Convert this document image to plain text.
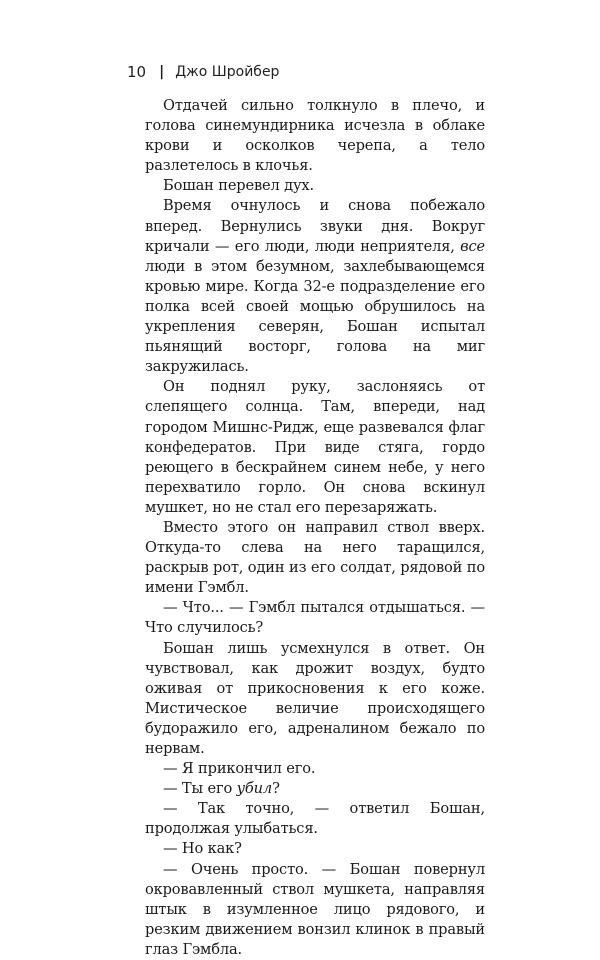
10 | Джо Шройбер

Отдачей сильно толкнуло в плечо, и голова синемундирника исчезла в облаке крови и осколков черепа, а тело разлетелось в клочья.

Бошан перевел дух.

Время очнулось и снова побежало вперед. Вернулись звуки дня. Вокруг кричали — его люди, люди неприятеля, все люди в этом безумном, захлебывающемся кровью мире. Когда 32-е подразделение его полка всей своей мощью обрушилось на укрепления северян, Бошан испытал пьянящий восторг, голова на миг закружилась.

Он поднял руку, заслоняясь от слепящего солнца. Там, впереди, над городом Мишнс-Ридж, еще развевался флаг конфедератов. При виде стяга, гордо реющего в бескрайнем синем небе, у него перехватило горло. Он снова вскинул мушкет, но не стал его перезаряжать.

Вместо этого он направил ствол вверх. Откуда-то слева на него таращился, раскрыв рот, один из его солдат, рядовой по имени Гэмбл.

— Что... — Гэмбл пытался отдышаться. — Что случилось?

Бошан лишь усмехнулся в ответ. Он чувствовал, как дрожит воздух, будто оживая от прикосновения к его коже. Мистическое величие происходящего будоражило его, адреналином бежало по нервам.

— Я прикончил его.

— Ты его убил?

— Так точно, — ответил Бошан, продолжая улыбаться.

— Но как?

— Очень просто. — Бошан повернул окровавленный ствол мушкета, направляя штык в изумленное лицо рядового, и резким движением вонзил клинок в правый глаз Гэмбла.
